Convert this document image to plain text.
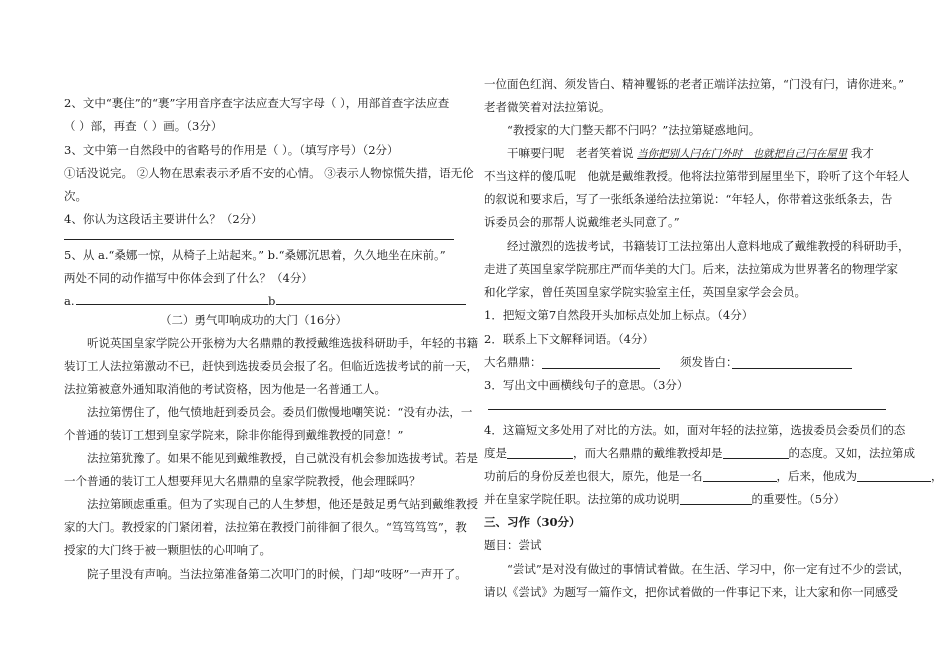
2、文中“裹住”的“裹”字用音序查字法应查大写字母（ ），用部首查字法应查
（ ）部，再查（ ）画。（3分）
3、文中第一自然段中的省略号的作用是（ ）。（填写序号）（2分）
①话没说完。 ②人物在思索表示矛盾不安的心情。 ③表示人物惊慌失措，语无伦
次。
4、你认为这段话主要讲什么？（2分）
5、从 a.“桑娜一惊，从椅子上站起来。” b.“桑娜沉思着，久久地坐在床前。”
两处不同的动作描写中你体会到了什么？（4分）
a.	b
（二）勇气叩响成功的大门（16分）
听说英国皇家学院公开张榜为大名鼎鼎的教授戴维选拔科研助手，年轻的书籍
装订工人法拉第激动不已，赶快到选拔委员会报了名。但临近选拔考试的前一天，
法拉第被意外通知取消他的考试资格，因为他是一名普通工人。
法拉第愣住了，他气愤地赶到委员会。委员们傲慢地嘲笑说：“没有办法，一
个普通的装订工想到皇家学院来，除非你能得到戴维教授的同意！”
法拉第犹豫了。如果不能见到戴维教授，自己就没有机会参加选拔考试。若是
一个普通的装订工人想要拜见大名鼎鼎的皇家学院教授，他会理睬吗？
法拉第顾虑重重。但为了实现自己的人生梦想，他还是鼓足勇气站到戴维教授
家的大门。教授家的门紧闭着，法拉第在教授门前徘徊了很久。“笃笃笃笃”，教
授家的大门终于被一颗胆怯的心叩响了。
院子里没有声响。当法拉第准备第二次叩门的时候，门却“吱呀”一声开了。
一位面色红润、须发皆白、精神矍铄的老者正端详法拉第，“门没有闩，请你进来。”
老者微笑着对法拉第说。
“教授家的大门整天都不闩吗？”法拉第疑惑地问。
干嘛要闩呢　老者笑着说 当你把别人闩在门外时　也就把自己闩在屋里 我才
不当这样的傻瓜呢　他就是戴维教授。他将法拉第带到屋里坐下，聆听了这个年轻人
的叙说和要求后，写了一张纸条递给法拉第说：“年轻人，你带着这张纸条去，告
诉委员会的那帮人说戴维老头同意了。”
经过激烈的选拔考试，书籍装订工法拉第出人意料地成了戴维教授的科研助手，
走进了英国皇家学院那庄严而华美的大门。后来，法拉第成为世界著名的物理学家
和化学家，曾任英国皇家学院实验室主任，英国皇家学会会员。
1．把短文第7自然段开头加标点处加上标点。（4分）
2．联系上下文解释词语。（4分）
大名鼎鼎：	须发皆白：
3．写出文中画横线句子的意思。（3分）
4．这篇短文多处用了对比的方法。如，面对年轻的法拉第，选拔委员会委员们的态
度是	，而大名鼎鼎的戴维教授却是	的态度。又如，法拉第成
功前后的身份反差也很大，原先，他是一名	，后来，他成为	，
并在皇家学院任职。法拉第的成功说明	的重要性。（5分）
三、习作（30分）
题目：尝试
“尝试”是对没有做过的事情试着做。在生活、学习中，你一定有过不少的尝试，
请以《尝试》为题写一篇作文，把你试着做的一件事记下来，让大家和你一同感受
